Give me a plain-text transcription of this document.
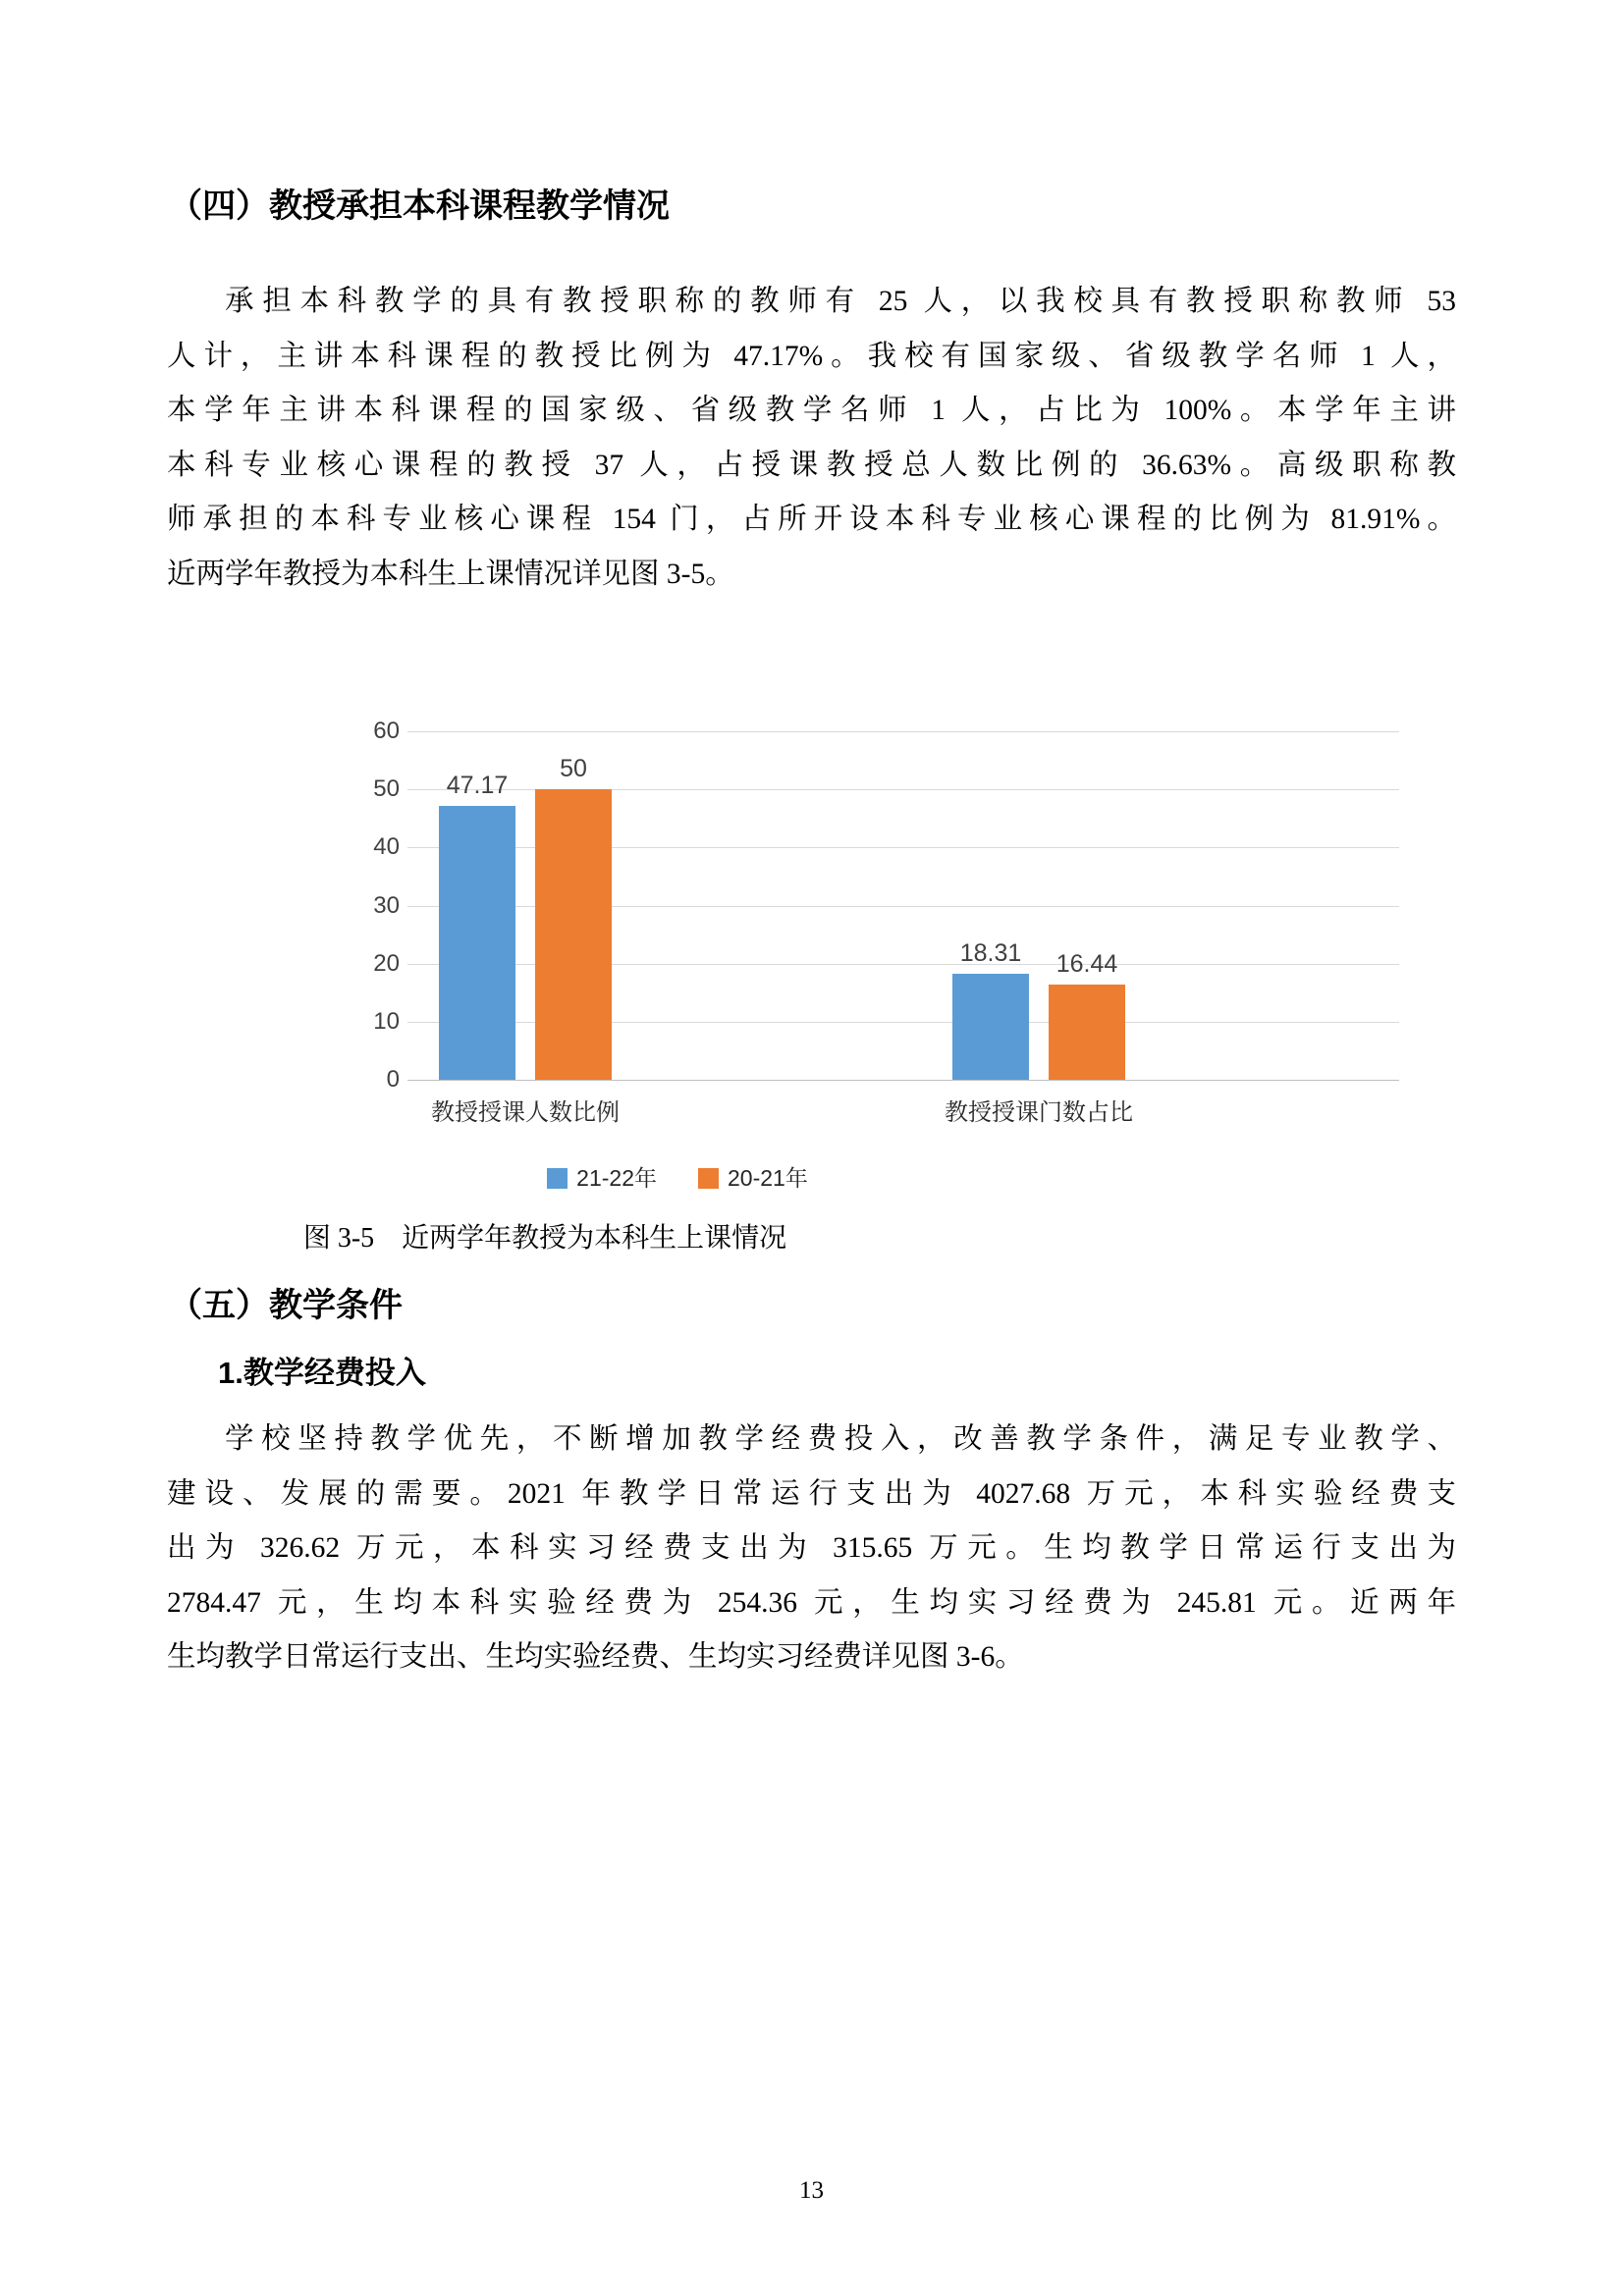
（四）教授承担本科课程教学情况
承担本科教学的具有教授职称的教师有 25 人，以我校具有教授职称教师 53
人计，主讲本科课程的教授比例为 47.17%。我校有国家级、省级教学名师 1 人，
本学年主讲本科课程的国家级、省级教学名师 1 人，占比为 100%。本学年主讲
本科专业核心课程的教授 37 人，占授课教授总人数比例的 36.63%。高级职称教
师承担的本科专业核心课程 154 门，占所开设本科专业核心课程的比例为 81.91%。
近两学年教授为本科生上课情况详见图 3-5。
0
10
20
30
40
50
60
47.17
50
教授授课人数比例
18.31	16.44
教授授课门数占比
21-22年	20-21年
图 3-5　近两学年教授为本科生上课情况
（五）教学条件
1.教学经费投入
学校坚持教学优先，不断增加教学经费投入，改善教学条件，满足专业教学、
建设、发展的需要。2021 年教学日常运行支出为 4027.68 万元，本科实验经费支
出为 326.62 万元，本科实习经费支出为 315.65 万元。生均教学日常运行支出为
2784.47 元，生均本科实验经费为 254.36 元，生均实习经费为 245.81 元。近两年
生均教学日常运行支出、生均实验经费、生均实习经费详见图 3-6。
13
